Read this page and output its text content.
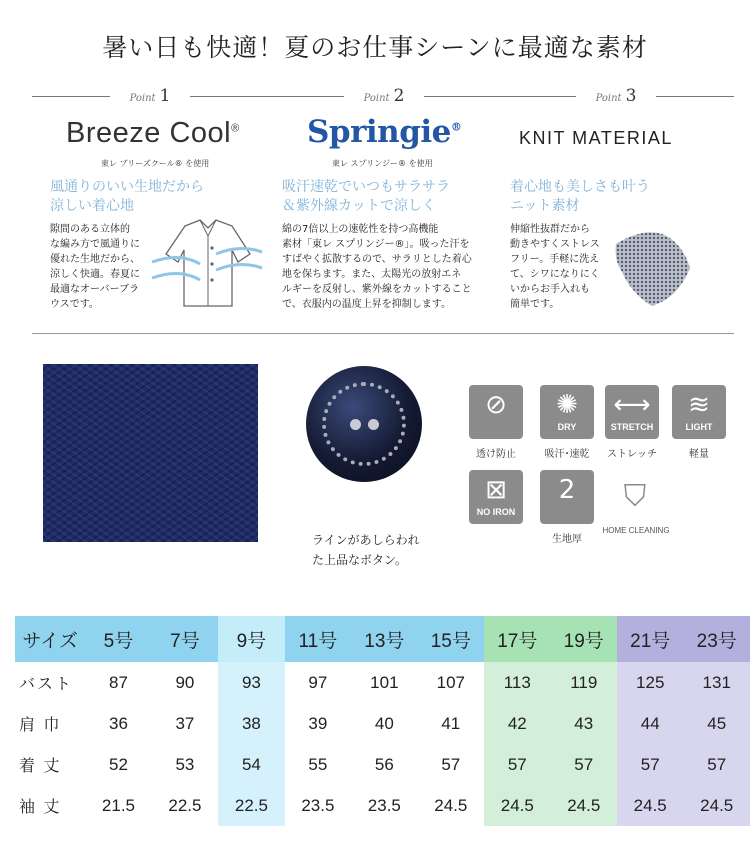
暑い日も快適！夏のお仕事シーンに最適な素材
Point 1	Point 2	Point 3
Breeze Cool® Springie®
KNIT MATERIAL
東レ ブリーズクール® を使用	東レ スプリンジー® を使用
風通りのいい生地だから
涼しい着心地
吸汗速乾でいつもサラサラ
＆紫外線カットで涼しく
着心地も美しさも叶う
ニット素材
隙間のある立体的
な編み方で風通りに
優れた生地だから、
涼しく快適。春夏に
最適なオーバーブラ
ウスです。
綿の7倍以上の速乾性を持つ高機能
素材「東レ スプリンジー®」。吸った汗を
すばやく拡散するので、サラリとした着心
地を保ちます。また、太陽光の放射エネ
ルギーを反射し、紫外線をカットすること
で、衣服内の温度上昇を抑制します。
伸縮性抜群だから
動きやすくストレス
フリー。手軽に洗え
て、シワになりにく
いからお手入れも
簡単です。
ラインがあしらわれ
た上品なボタン。
⊘
透け防止
✺
DRY
吸汗･速乾
⟷
STRETCH
ストレッチ
≋
LIGHT
軽量
⊠
NO IRON
2
生地厚
⛉
HOME CLEANING
サイズ	5号	7号	9号	11号	13号	15号	17号	19号	21号	23号
バスト	87	90	93	97	101	107	113	119	125	131
肩 巾	36	37	38	39	40	41	42	43	44	45
着 丈	52	53	54	55	56	57	57	57	57	57
袖 丈	21.5	22.5	22.5	23.5	23.5	24.5	24.5	24.5	24.5	24.5
